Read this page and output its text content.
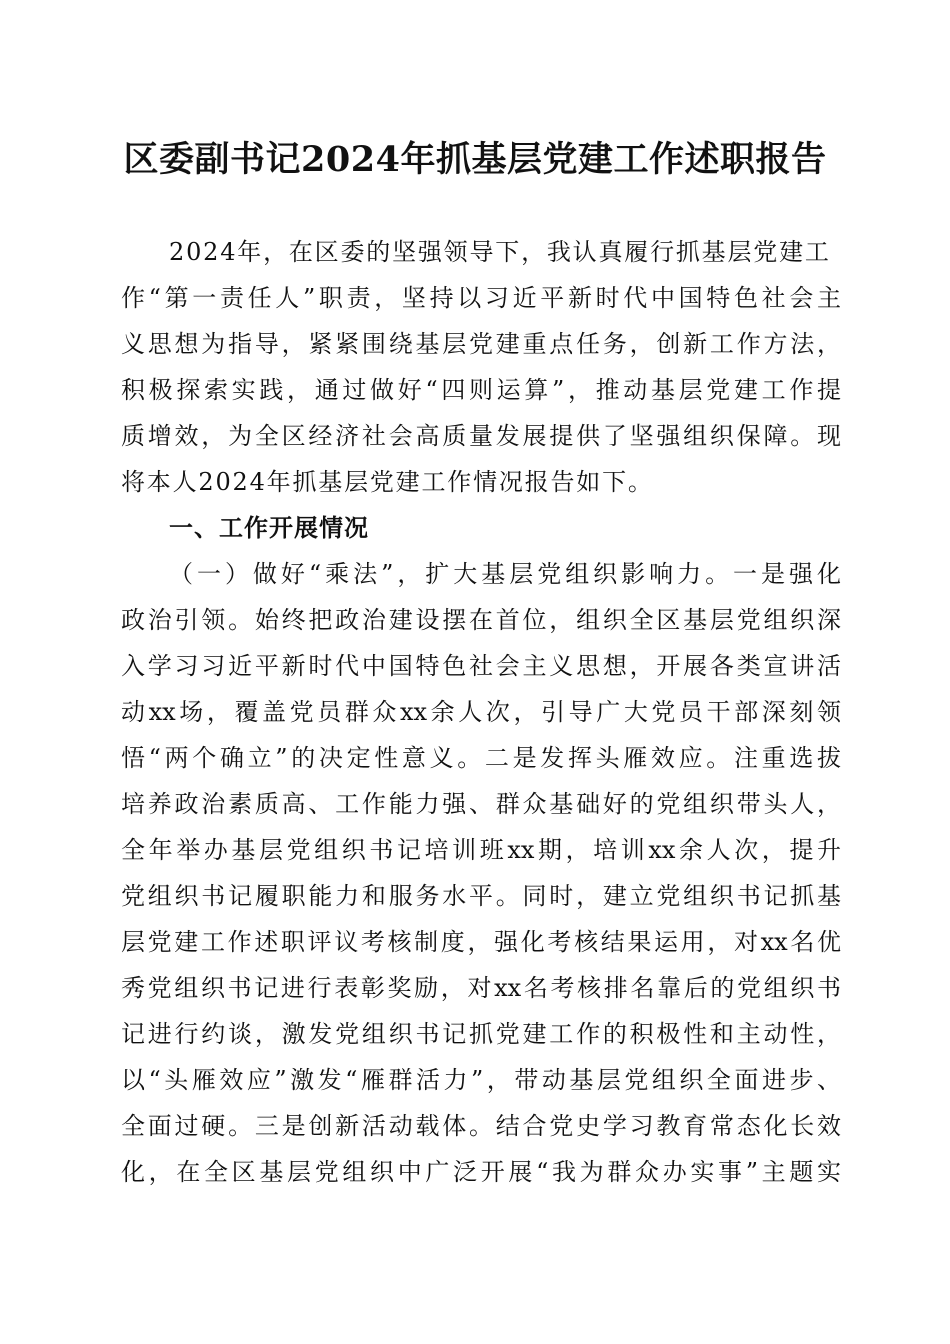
区委副书记2024年抓基层党建工作述职报告
2024年，在区委的坚强领导下，我认真履行抓基层党建工
作“第一责任人”职责，坚持以习近平新时代中国特色社会主
义思想为指导，紧紧围绕基层党建重点任务，创新工作方法，
积极探索实践，通过做好“四则运算”，推动基层党建工作提
质增效，为全区经济社会高质量发展提供了坚强组织保障。现
将本人2024年抓基层党建工作情况报告如下。
一、工作开展情况
（一）做好“乘法”，扩大基层党组织影响力。一是强化
政治引领。始终把政治建设摆在首位，组织全区基层党组织深
入学习习近平新时代中国特色社会主义思想，开展各类宣讲活
动xx场，覆盖党员群众xx余人次，引导广大党员干部深刻领
悟“两个确立”的决定性意义。二是发挥头雁效应。注重选拔
培养政治素质高、工作能力强、群众基础好的党组织带头人，
全年举办基层党组织书记培训班xx期，培训xx余人次，提升
党组织书记履职能力和服务水平。同时，建立党组织书记抓基
层党建工作述职评议考核制度，强化考核结果运用，对xx名优
秀党组织书记进行表彰奖励，对xx名考核排名靠后的党组织书
记进行约谈，激发党组织书记抓党建工作的积极性和主动性，
以“头雁效应”激发“雁群活力”，带动基层党组织全面进步、
全面过硬。三是创新活动载体。结合党史学习教育常态化长效
化，在全区基层党组织中广泛开展“我为群众办实事”主题实
